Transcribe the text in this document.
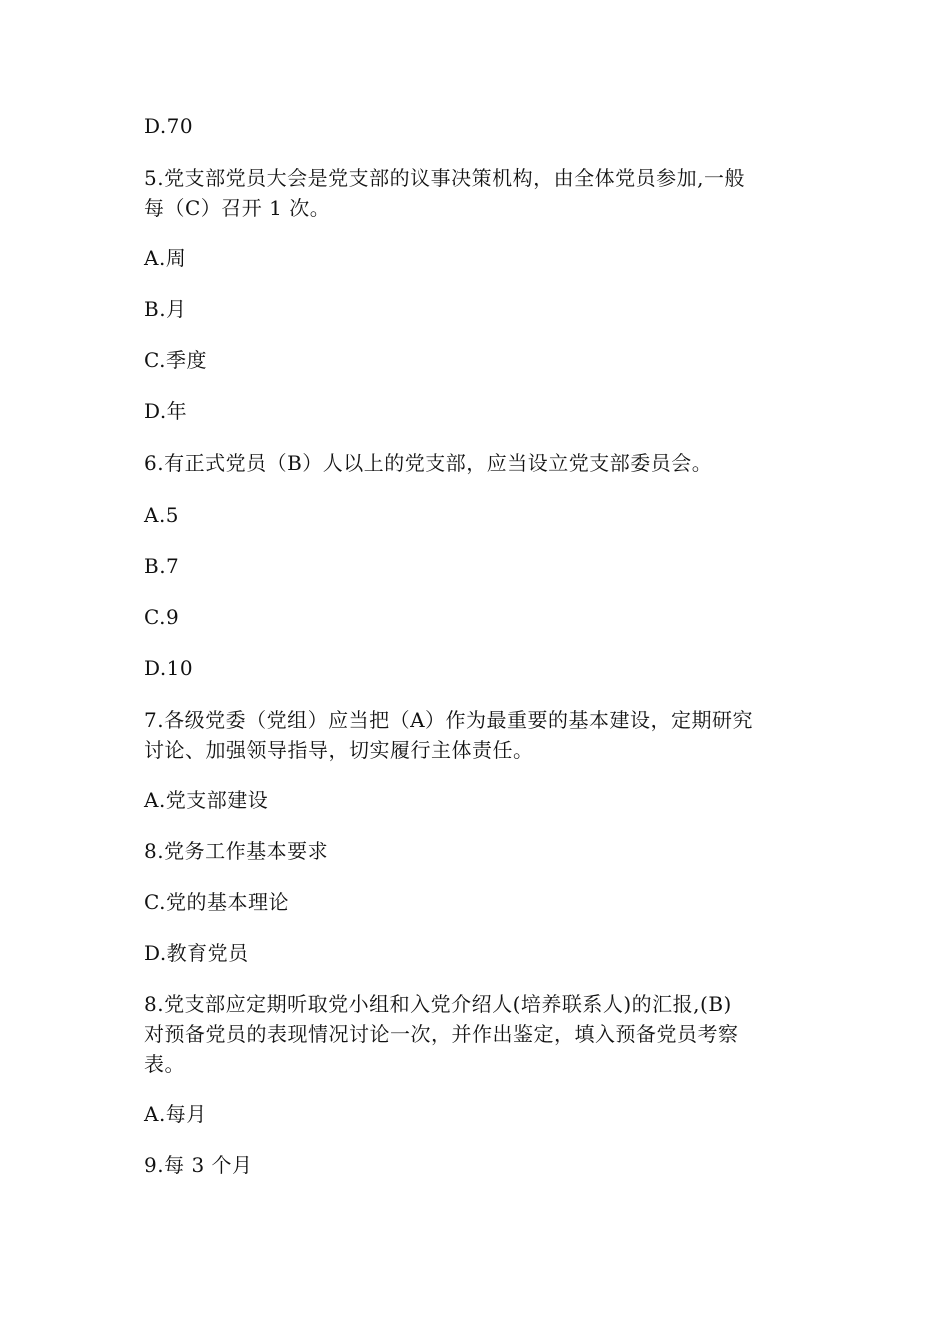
D.70
5.党支部党员大会是党支部的议事决策机构，由全体党员参加,一般
每（C）召开 1 次。
A.周
B.月
C.季度
D.年
6.有正式党员（B）人以上的党支部，应当设立党支部委员会。
A.5
B.7
C.9
D.10
7.各级党委（党组）应当把（A）作为最重要的基本建设，定期研究
讨论、加强领导指导，切实履行主体责任。
A.党支部建设
8.党务工作基本要求
C.党的基本理论
D.教育党员
8.党支部应定期听取党小组和入党介绍人(培养联系人)的汇报,(B)
对预备党员的表现情况讨论一次，并作出鉴定，填入预备党员考察
表。
A.每月
9.每 3 个月
